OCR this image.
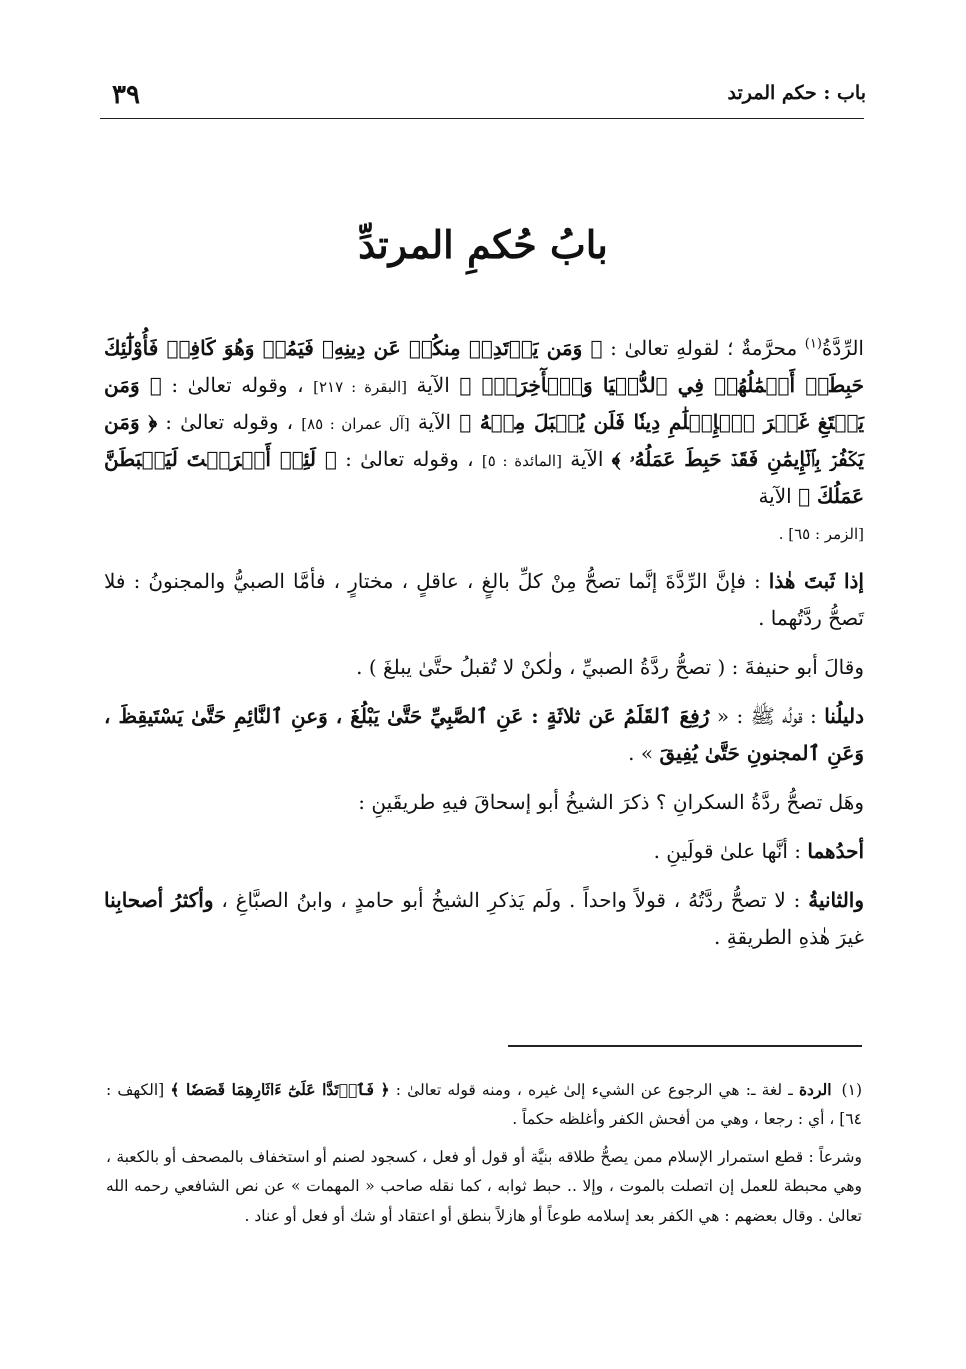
باب : حكم المرتد
٣٩
بابُ حُكمِ المرتدِّ

الرِّدَّةُ$^{(١)}$ محرَّمةٌ ؛ لقولهِ تعالىٰ : ﴿ وَمَن يَرۡتَدِدۡ مِنكُمۡ عَن دِينِهِۦ فَيَمُتۡ وَهُوَ كَافِرٞ فَأُوْلَٰٓئِكَ حَبِطَتۡ أَعۡمَٰلُهُمۡ فِي ٱلدُّنۡيَا وَٱلۡأٓخِرَةِۖ ﴾ الآية [البقرة : ٢١٧] ، وقوله تعالىٰ : ﴿ وَمَن يَبۡتَغِ غَيۡرَ ٱلۡإِسۡلَٰمِ دِينٗا فَلَن يُقۡبَلَ مِنۡهُ ﴾ الآية [آل عمران : ٨٥] ، وقوله تعالىٰ : ﴿ وَمَن يَكۡفُرۡ بِٱلۡإِيمَٰنِ فَقَدۡ حَبِطَ عَمَلُهُۥ ﴾ الآية [المائدة : ٥] ، وقوله تعالىٰ : ﴿ لَئِنۡ أَشۡرَكۡتَ لَيَحۡبَطَنَّ عَمَلُكَ ﴾ الآية

[الزمر : ٦٥] .

إذا ثَبتَ هٰذا : فإنَّ الرِّدَّةَ إنَّما تصحُّ مِنْ كلِّ بالغٍ ، عاقلٍ ، مختارٍ ، فأمَّا الصبيُّ والمجنونُ : فلا تَصحُّ ردَّتُهما .

وقالَ أبو حنيفةَ : ( تصحُّ ردَّةُ الصبيِّ ، ولٰكنْ لا تُقبلُ حتَّىٰ يبلغَ ) .

دليلُنا : قولُه ﷺ : « رُفِعَ ٱلقَلَمُ عَن ثلاثَةٍ : عَنِ ٱلصَّبِيِّ حَتَّىٰ يَبْلُغَ ، وَعنِ ٱلنَّائِمِ حَتَّىٰ يَسْتَيقِظَ ، وَعَنِ ٱلمجنونِ حَتَّىٰ يُفِيقَ » .

وهَل تصحُّ ردَّةُ السكرانِ ؟ ذكرَ الشيخُ أبو إسحاقَ فيهِ طريقَينِ :

أحدُهما : أنَّها علىٰ قولَينِ .

والثانيةُ : لا تصحُّ ردَّتُهُ ، قولاً واحداً . ولَم يَذكرِ الشيخُ أبو حامدٍ ، وابنُ الصبَّاغِ ، وأكثرُ أصحابِنا غيرَ هٰذهِ الطريقةِ .

(١)الردة ـ لغة ـ: هي الرجوع عن الشيء إلىٰ غيره ، ومنه قوله تعالىٰ : ﴿ فَٱرۡتَدَّا عَلَىٰٓ ءَاثَارِهِمَا قَصَصٗا ﴾ [الكهف : ٦٤] ، أي : رجعا ، وهي من أفحش الكفر وأغلظه حكماً .

وشرعاً : قطع استمرار الإسلام ممن يصحُّ طلاقه بنيَّة أو قول أو فعل ، كسجود لصنم أو استخفاف بالمصحف أو بالكعبة ، وهي محبطة للعمل إن اتصلت بالموت ، وإلا .. حبط ثوابه ، كما نقله صاحب « المهمات » عن نص الشافعي رحمه الله تعالىٰ . وقال بعضهم : هي الكفر بعد إسلامه طوعاً أو هازلاً بنطق أو اعتقاد أو شك أو فعل أو عناد .
